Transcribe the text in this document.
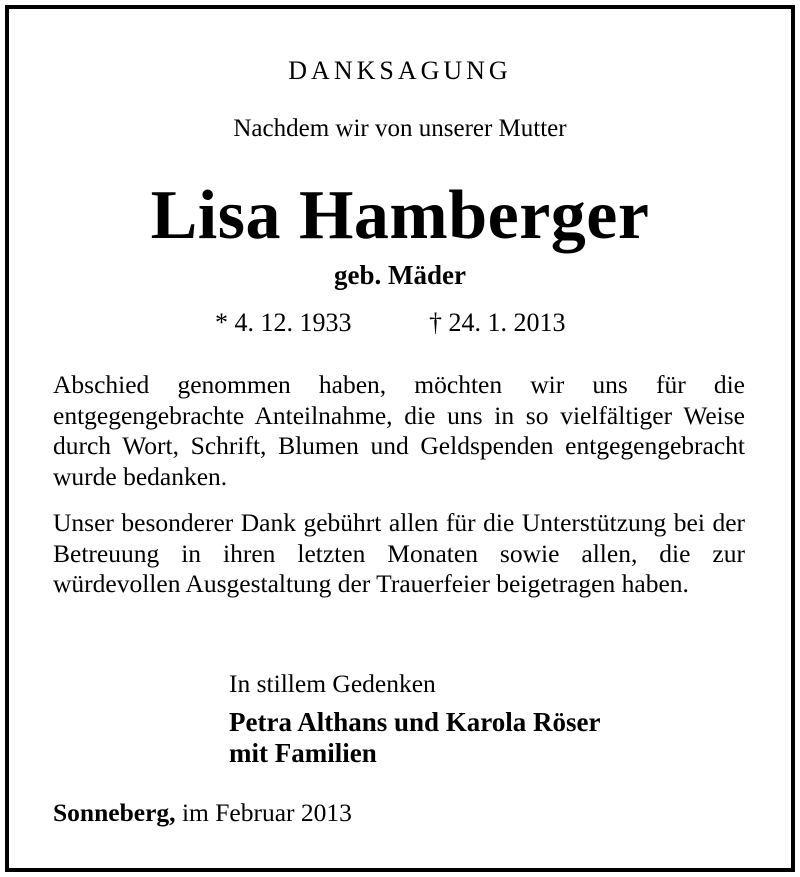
DANKSAGUNG
Nachdem wir von unserer Mutter
Lisa Hamberger
geb. Mäder
* 4. 12. 1933	† 24. 1. 2013
Abschied genommen haben, möchten wir uns für die entgegengebrachte Anteilnahme, die uns in so vielfältiger Weise durch Wort, Schrift, Blumen und Geldspenden entgegengebracht wurde bedanken.
Unser besonderer Dank gebührt allen für die Unterstützung bei der Betreuung in ihren letzten Monaten sowie allen, die zur würdevollen Ausgestaltung der Trauerfeier beigetragen haben.
In stillem Gedenken
Petra Althans und Karola Röser
mit Familien
Sonneberg, im Februar 2013
